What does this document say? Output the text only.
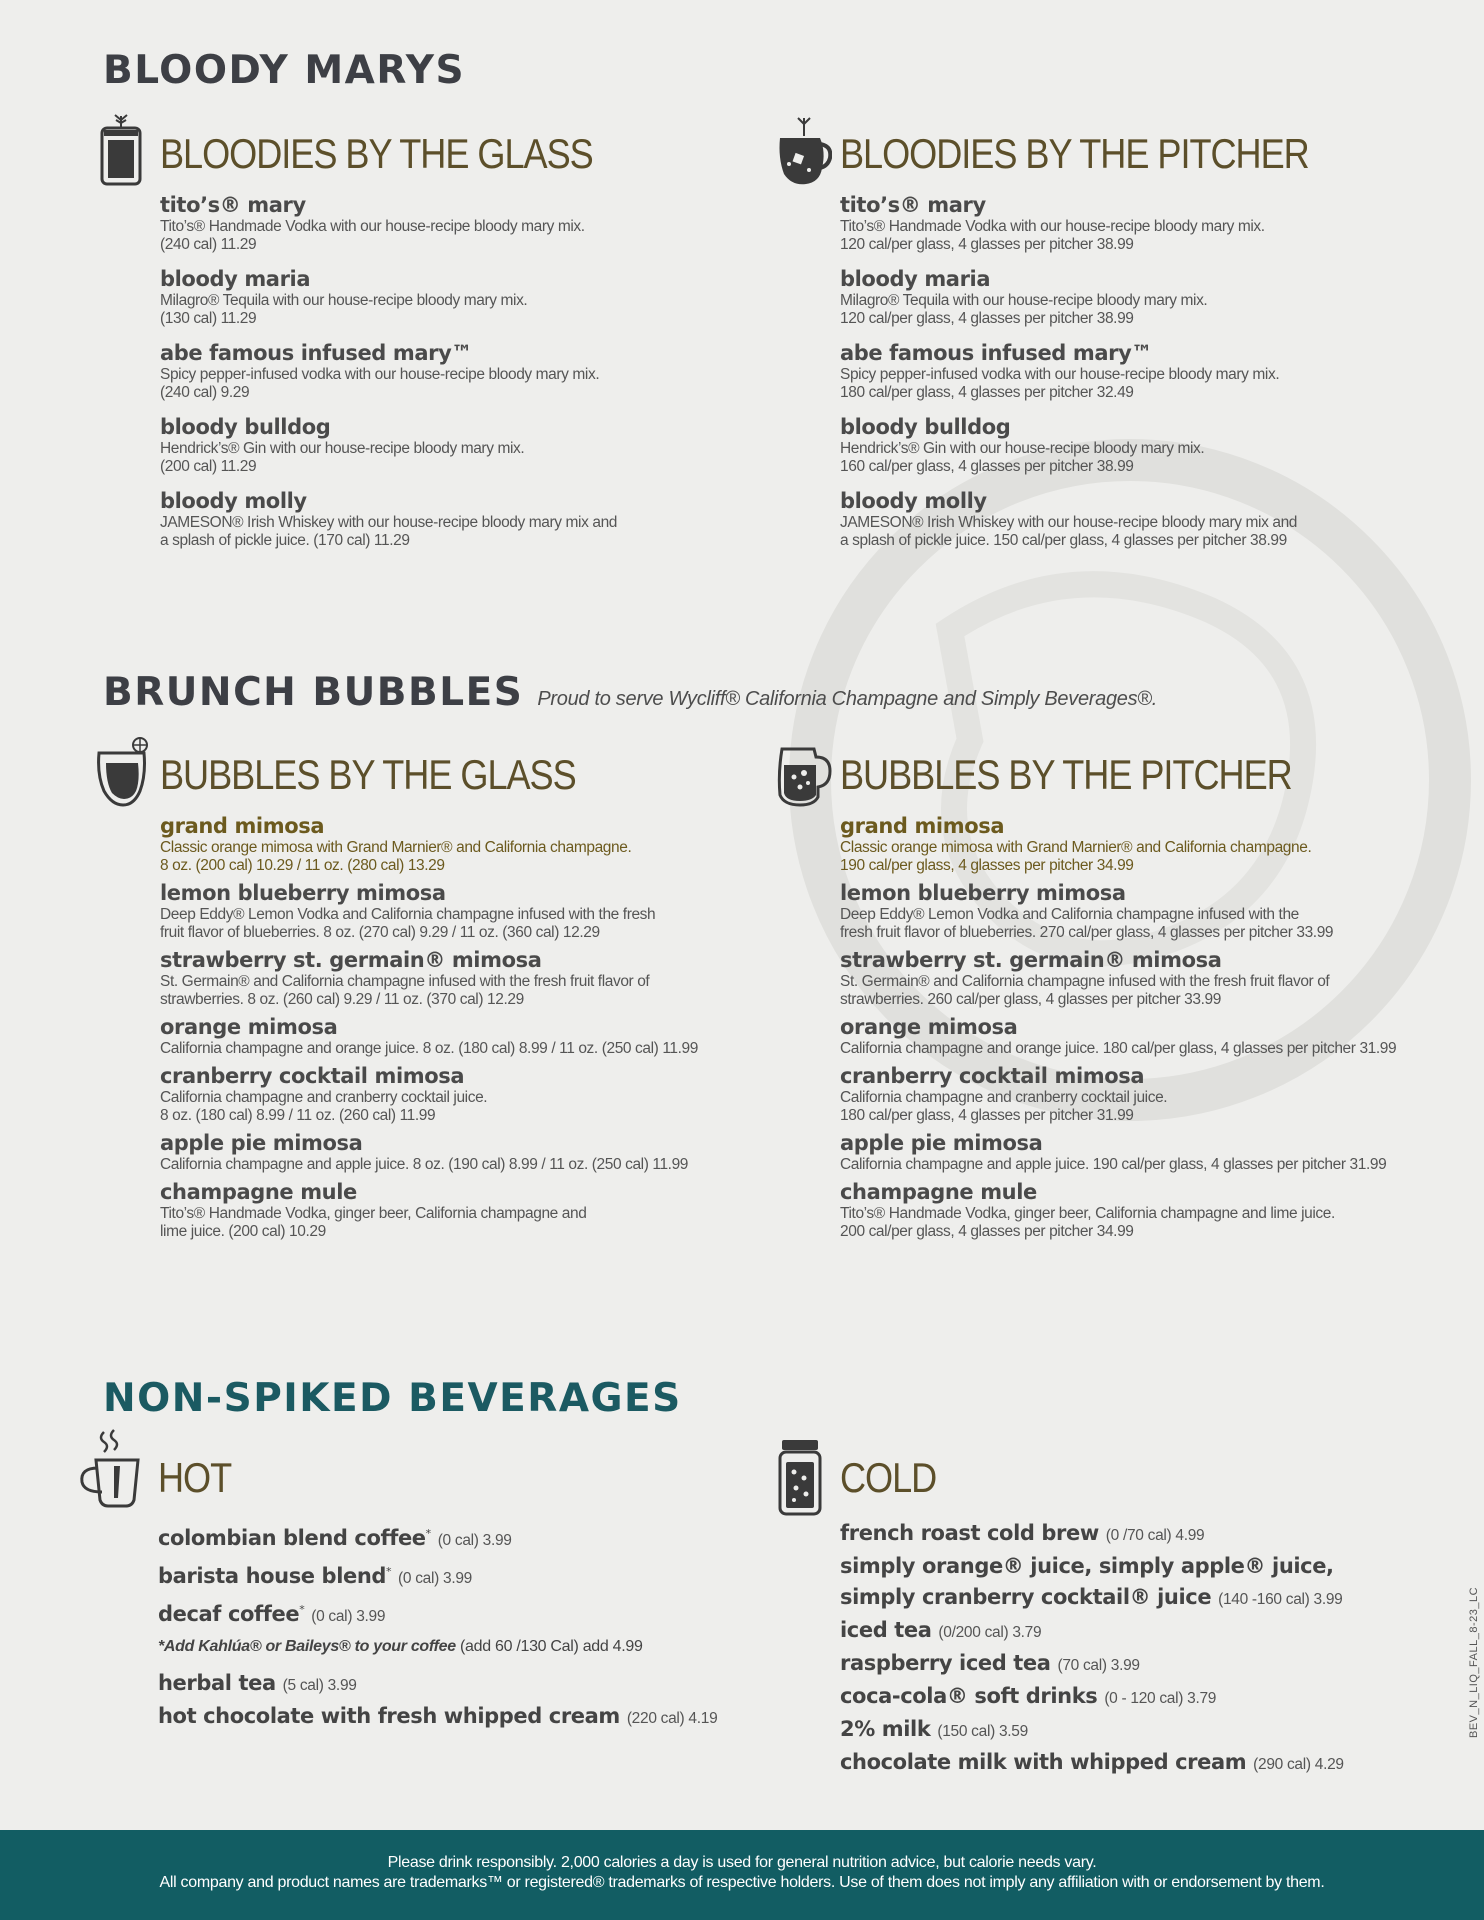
BLOODY MARYS
BLOODIES BY THE GLASS
tito’s® mary
Tito’s® Handmade Vodka with our house-recipe bloody mary mix.
(240 cal) 11.29
bloody maria
Milagro® Tequila with our house-recipe bloody mary mix.
(130 cal) 11.29
abe famous infused mary™
Spicy pepper-infused vodka with our house-recipe bloody mary mix.
(240 cal) 9.29
bloody bulldog
Hendrick’s® Gin with our house-recipe bloody mary mix.
(200 cal) 11.29
bloody molly
JAMESON® Irish Whiskey with our house-recipe bloody mary mix and
a splash of pickle juice. (170 cal) 11.29
BLOODIES BY THE PITCHER
tito’s® mary
Tito’s® Handmade Vodka with our house-recipe bloody mary mix.
120 cal/per glass, 4 glasses per pitcher 38.99
bloody maria
Milagro® Tequila with our house-recipe bloody mary mix.
120 cal/per glass, 4 glasses per pitcher 38.99
abe famous infused mary™
Spicy pepper-infused vodka with our house-recipe bloody mary mix.
180 cal/per glass, 4 glasses per pitcher 32.49
bloody bulldog
Hendrick’s® Gin with our house-recipe bloody mary mix.
160 cal/per glass, 4 glasses per pitcher 38.99
bloody molly
JAMESON® Irish Whiskey with our house-recipe bloody mary mix and
a splash of pickle juice. 150 cal/per glass, 4 glasses per pitcher 38.99
BRUNCH BUBBLES Proud to serve Wycliff® California Champagne and Simply Beverages®.
BUBBLES BY THE GLASS
grand mimosa
Classic orange mimosa with Grand Marnier® and California champagne.
8 oz. (200 cal) 10.29 / 11 oz. (280 cal) 13.29
lemon blueberry mimosa
Deep Eddy® Lemon Vodka and California champagne infused with the fresh
fruit flavor of blueberries. 8 oz. (270 cal) 9.29 / 11 oz. (360 cal) 12.29
strawberry st. germain® mimosa
St. Germain® and California champagne infused with the fresh fruit flavor of
strawberries. 8 oz. (260 cal) 9.29 / 11 oz. (370 cal) 12.29
orange mimosa
California champagne and orange juice. 8 oz. (180 cal) 8.99 / 11 oz. (250 cal) 11.99
cranberry cocktail mimosa
California champagne and cranberry cocktail juice.
8 oz. (180 cal) 8.99 / 11 oz. (260 cal) 11.99
apple pie mimosa
California champagne and apple juice. 8 oz. (190 cal) 8.99 / 11 oz. (250 cal) 11.99
champagne mule
Tito’s® Handmade Vodka, ginger beer, California champagne and
lime juice. (200 cal) 10.29
BUBBLES BY THE PITCHER
grand mimosa
Classic orange mimosa with Grand Marnier® and California champagne.
190 cal/per glass, 4 glasses per pitcher 34.99
lemon blueberry mimosa
Deep Eddy® Lemon Vodka and California champagne infused with the
fresh fruit flavor of blueberries. 270 cal/per glass, 4 glasses per pitcher 33.99
strawberry st. germain® mimosa
St. Germain® and California champagne infused with the fresh fruit flavor of
strawberries. 260 cal/per glass, 4 glasses per pitcher 33.99
orange mimosa
California champagne and orange juice. 180 cal/per glass, 4 glasses per pitcher 31.99
cranberry cocktail mimosa
California champagne and cranberry cocktail juice.
180 cal/per glass, 4 glasses per pitcher 31.99
apple pie mimosa
California champagne and apple juice. 190 cal/per glass, 4 glasses per pitcher 31.99
champagne mule
Tito’s® Handmade Vodka, ginger beer, California champagne and lime juice.
200 cal/per glass, 4 glasses per pitcher 34.99
NON-SPIKED BEVERAGES
HOT
colombian blend coffee* (0 cal) 3.99
barista house blend* (0 cal) 3.99
decaf coffee* (0 cal) 3.99
*Add Kahlúa® or Baileys® to your coffee (add 60 /130 Cal) add 4.99
herbal tea (5 cal) 3.99
hot chocolate with fresh whipped cream (220 cal) 4.19
COLD
french roast cold brew (0 /70 cal) 4.99
simply orange® juice, simply apple® juice,
simply cranberry cocktail® juice (140 -160 cal) 3.99
iced tea (0/200 cal) 3.79
raspberry iced tea (70 cal) 3.99
coca-cola® soft drinks (0 - 120 cal) 3.79
2% milk (150 cal) 3.59
chocolate milk with whipped cream (290 cal) 4.29
BEV_N_LIQ_FALL_8-23_LC
Please drink responsibly. 2,000 calories a day is used for general nutrition advice, but calorie needs vary.
All company and product names are trademarks™ or registered® trademarks of respective holders. Use of them does not imply any affiliation with or endorsement by them.
